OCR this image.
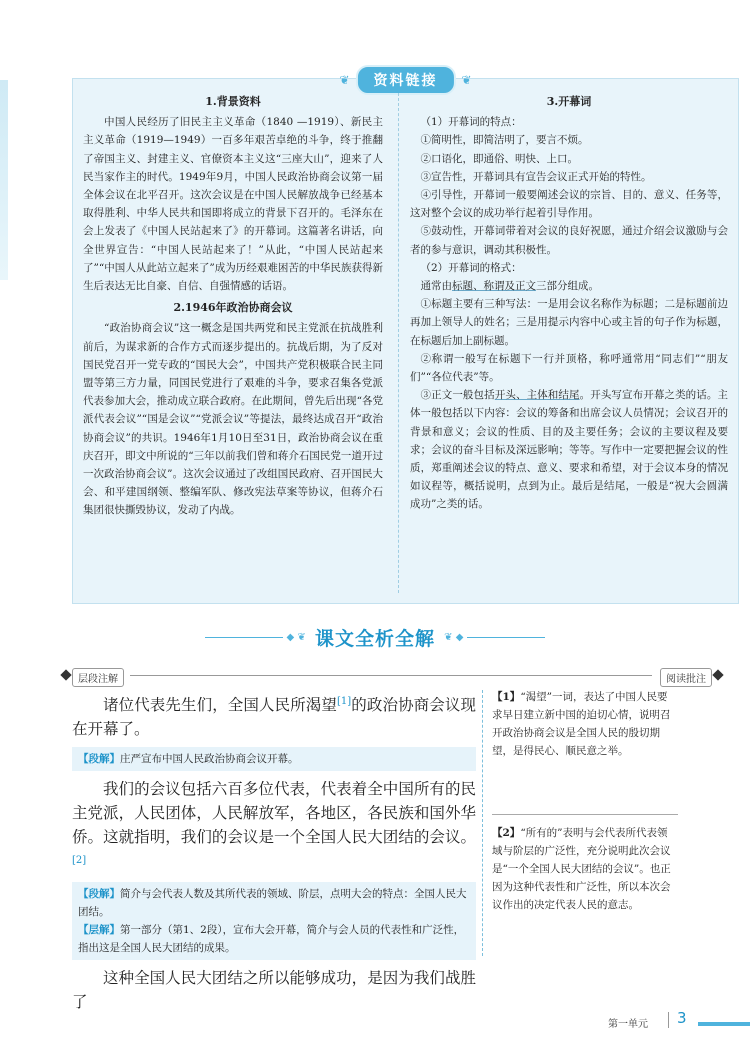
❦	资料链接	❦

1.背景资料

中国人民经历了旧民主主义革命（1840 —1919）、新民主主义革命（1919—1949）一百多年艰苦卓绝的斗争，终于推翻了帝国主义、封建主义、官僚资本主义这“三座大山”，迎来了人民当家作主的时代。1949年9月，中国人民政治协商会议第一届全体会议在北平召开。这次会议是在中国人民解放战争已经基本取得胜利、中华人民共和国即将成立的背景下召开的。毛泽东在会上发表了《中国人民站起来了》的开幕词。这篇著名讲话，向全世界宣告：“中国人民站起来了！”从此，“中国人民站起来了”“中国人从此站立起来了”成为历经艰难困苦的中华民族获得新生后表达无比自豪、自信、自强情感的话语。

2.1946年政治协商会议

“政治协商会议”这一概念是国共两党和民主党派在抗战胜利前后，为谋求新的合作方式而逐步提出的。抗战后期，为了反对国民党召开一党专政的“国民大会”，中国共产党积极联合民主同盟等第三方力量，同国民党进行了艰难的斗争，要求召集各党派代表参加大会，推动成立联合政府。在此期间，曾先后出现“各党派代表会议”“国是会议”“党派会议”等提法，最终达成召开“政治协商会议”的共识。1946年1月10日至31日，政治协商会议在重庆召开，即文中所说的“三年以前我们曾和蒋介石国民党一道开过一次政治协商会议”。这次会议通过了改组国民政府、召开国民大会、和平建国纲领、整编军队、修改宪法草案等协议，但蒋介石集团很快撕毁协议，发动了内战。

3.开幕词

（1）开幕词的特点：

①简明性，即简洁明了，要言不烦。

②口语化，即通俗、明快、上口。

③宣告性，开幕词具有宣告会议正式开始的特性。

④引导性，开幕词一般要阐述会议的宗旨、目的、意义、任务等，这对整个会议的成功举行起着引导作用。

⑤鼓动性，开幕词带着对会议的良好祝愿，通过介绍会议激励与会者的参与意识，调动其积极性。

（2）开幕词的格式：

通常由标题、称谓及正文三部分组成。

①标题主要有三种写法：一是用会议名称作为标题；二是标题前边再加上领导人的姓名；三是用提示内容中心或主旨的句子作为标题，在标题后加上副标题。

②称谓一般写在标题下一行并顶格，称呼通常用“同志们”“朋友们”“各位代表”等。

③正文一般包括开头、主体和结尾。开头写宣布开幕之类的话。主体一般包括以下内容：会议的筹备和出席会议人员情况；会议召开的背景和意义；会议的性质、目的及主要任务；会议的主要议程及要求；会议的奋斗目标及深远影响；等等。写作中一定要把握会议的性质，郑重阐述会议的特点、意义、要求和希望，对于会议本身的情况如议程等，概括说明，点到为止。最后是结尾，一般是“祝大会圆满成功”之类的话。

◆ ❦ 课文全析全解 ❦ ◆
层段注解	阅读批注

诸位代表先生们，全国人民所渴望[1]的政治协商会议现在开幕了。

【段解】庄严宣布中国人民政治协商会议开幕。

我们的会议包括六百多位代表，代表着全中国所有的民主党派，人民团体，人民解放军，各地区，各民族和国外华侨。这就指明，我们的会议是一个全国人民大团结的会议。[2]

【段解】简介与会代表人数及其所代表的领域、阶层，点明大会的特点：全国人民大团结。
【层解】第一部分（第1、2段），宣布大会开幕，简介与会人员的代表性和广泛性，指出这是全国人民大团结的成果。

这种全国人民大团结之所以能够成功，是因为我们战胜了

【1】“渴望”一词，表达了中国人民要求早日建立新中国的迫切心情，说明召开政治协商会议是全国人民的殷切期望，是得民心、顺民意之举。
【2】“所有的”表明与会代表所代表领域与阶层的广泛性，充分说明此次会议是“一个全国人民大团结的会议”。也正因为这种代表性和广泛性，所以本次会议作出的决定代表人民的意志。
第一单元 3
